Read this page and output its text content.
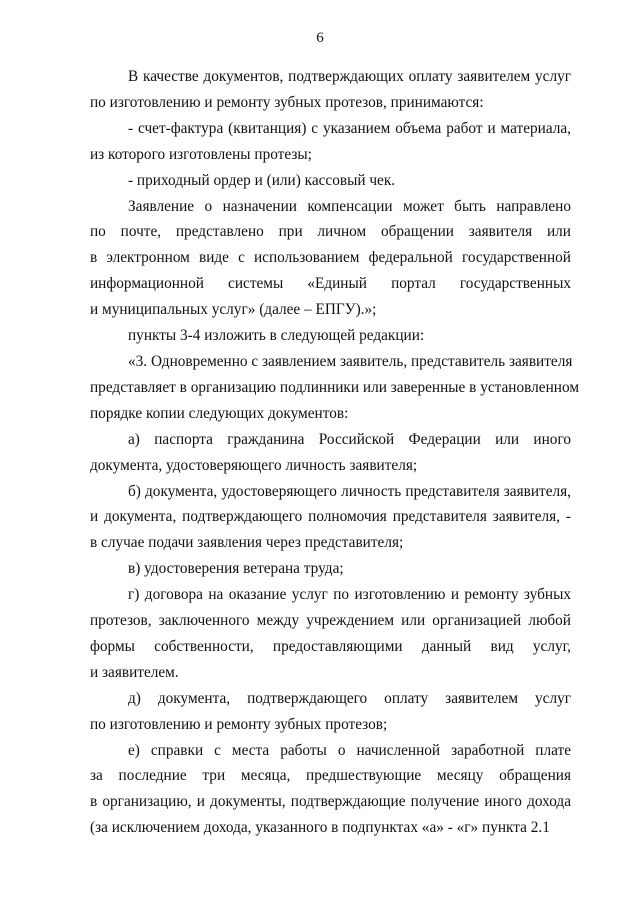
6

В качестве документов, подтверждающих оплату заявителем услуг
по изготовлению и ремонту зубных протезов, принимаются:

- счет-фактура (квитанция) с указанием объема работ и материала,
из которого изготовлены протезы;

- приходный ордер и (или) кассовый чек.

Заявление о назначении компенсации может быть направлено
по почте, представлено при личном обращении заявителя или
в электронном виде с использованием федеральной государственной
информационной системы «Единый портал государственных
и муниципальных услуг» (далее – ЕПГУ).»;

пункты 3-4 изложить в следующей редакции:

«3. Одновременно с заявлением заявитель, представитель заявителя
представляет в организацию подлинники или заверенные в установленном
порядке копии следующих документов:

а) паспорта гражданина Российской Федерации или иного
документа, удостоверяющего личность заявителя;

б) документа, удостоверяющего личность представителя заявителя,
и документа, подтверждающего полномочия представителя заявителя, -
в случае подачи заявления через представителя;

в) удостоверения ветерана труда;

г) договора на оказание услуг по изготовлению и ремонту зубных
протезов, заключенного между учреждением или организацией любой
формы собственности, предоставляющими данный вид услуг,
и заявителем.

д) документа, подтверждающего оплату заявителем услуг
по изготовлению и ремонту зубных протезов;

е) справки с места работы о начисленной заработной плате
за последние три месяца, предшествующие месяцу обращения
в организацию, и документы, подтверждающие получение иного дохода
(за исключением дохода, указанного в подпунктах «а» - «г» пункта 2.1
